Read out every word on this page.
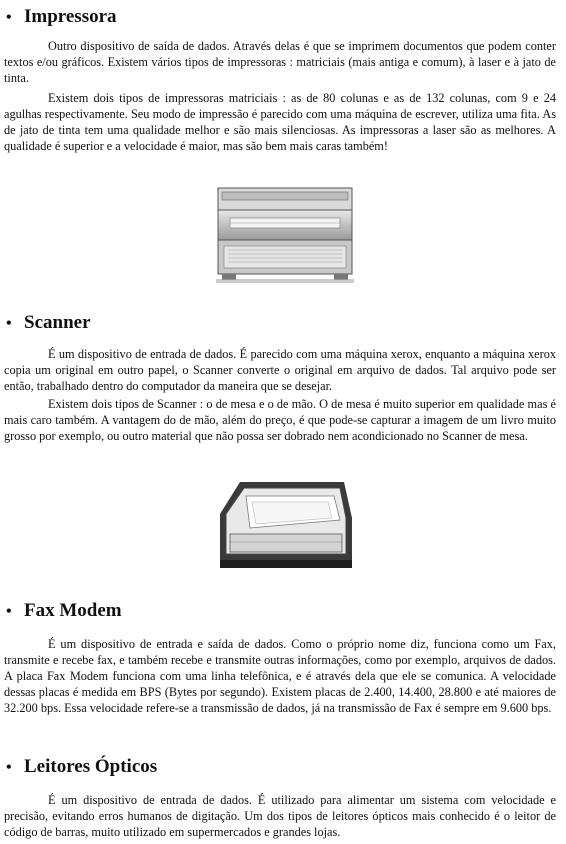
• Impressora

Outro dispositivo de saída de dados. Através delas é que se imprimem documentos que podem conter textos e/ou gráficos. Existem vários tipos de impressoras : matriciais (mais antiga e comum), à laser e à jato de tinta.

Existem dois tipos de impressoras matriciais : as de 80 colunas e as de 132 colunas, com 9 e 24 agulhas respectivamente. Seu modo de impressão é parecido com uma máquina de escrever, utiliza uma fita. As de jato de tinta tem uma qualidade melhor e são mais silenciosas. As impressoras a laser são as melhores. A qualidade é superior e a velocidade é maior, mas são bem mais caras também!

• Scanner

É um dispositivo de entrada de dados. É parecido com uma máquina xerox, enquanto a máquina xerox copia um original em outro papel, o Scanner converte o original em arquivo de dados. Tal arquivo pode ser então, trabalhado dentro do computador da maneira que se desejar.

Existem dois tipos de Scanner : o de mesa e o de mão. O de mesa é muito superior em qualidade mas é mais caro também. A vantagem do de mão, além do preço, é que pode-se capturar a imagem de um livro muito grosso por exemplo, ou outro material que não possa ser dobrado nem acondicionado no Scanner de mesa.

• Fax Modem

É um dispositivo de entrada e saída de dados. Como o próprio nome diz, funciona como um Fax, transmite e recebe fax, e também recebe e transmite outras informações, como por exemplo, arquivos de dados. A placa Fax Modem funciona com uma linha telefônica, e é através dela que ele se comunica. A velocidade dessas placas é medida em BPS (Bytes por segundo). Existem placas de 2.400, 14.400, 28.800 e até maiores de 32.200 bps. Essa velocidade refere-se a transmissão de dados, já na transmissão de Fax é sempre em 9.600 bps.

• Leitores Ópticos

É um dispositivo de entrada de dados. É utilizado para alimentar um sistema com velocidade e precisão, evitando erros humanos de digitação. Um dos tipos de leitores ópticos mais conhecido é o leitor de código de barras, muito utilizado em supermercados e grandes lojas.
